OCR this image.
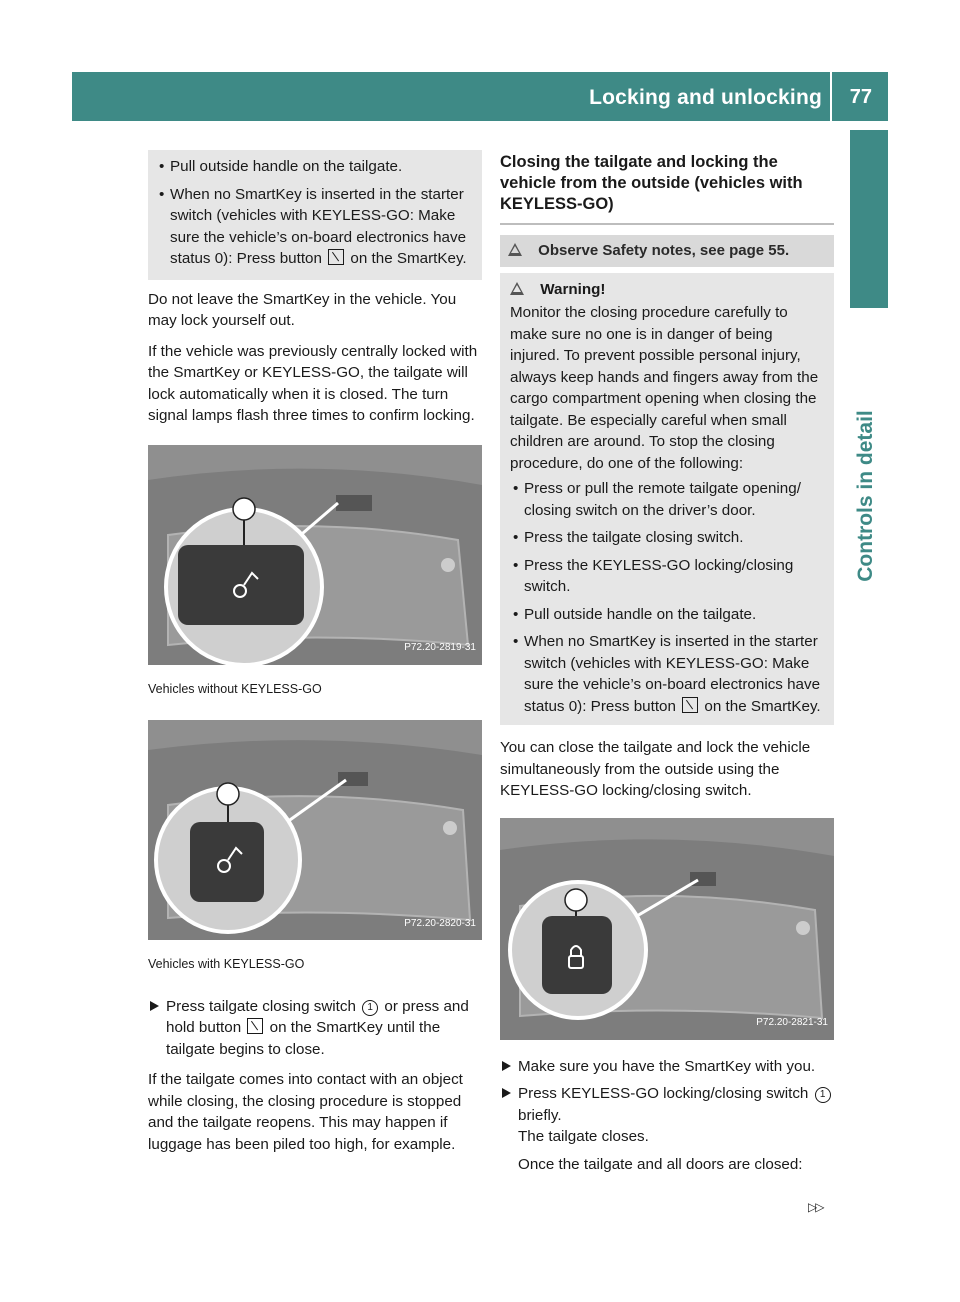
Locking and unlocking 77
Controls in detail
• Pull outside handle on the tailgate.
• When no SmartKey is inserted in the starter switch (vehicles with KEYLESS-GO: Make sure the vehicle’s on-board electronics have status 0): Press button on the SmartKey.

Do not leave the SmartKey in the vehicle. You may lock yourself out.

If the vehicle was previously centrally locked with the SmartKey or KEYLESS-GO, the tailgate will lock automatically when it is closed. The turn signal lamps flash three times to confirm locking.

P72.20-2819-31
Vehicles without KEYLESS-GO
P72.20-2820-31
Vehicles with KEYLESS-GO
Press tailgate closing switch 1 or press and hold button on the SmartKey until the tailgate begins to close.

If the tailgate comes into contact with an object while closing, the closing procedure is stopped and the tailgate reopens. This may happen if luggage has been piled too high, for example.

Closing the tailgate and locking the vehicle from the outside (vehicles with KEYLESS-GO)
Observe Safety notes, see page 55.
Warning!
Monitor the closing procedure carefully to make sure no one is in danger of being injured. To prevent possible personal injury, always keep hands and fingers away from the cargo compartment opening when closing the tailgate. Be especially careful when small children are around. To stop the closing procedure, do one of the following:
• Press or pull the remote tailgate opening/ closing switch on the driver’s door.
• Press the tailgate closing switch.
• Press the KEYLESS-GO locking/closing switch.
• Pull outside handle on the tailgate.
• When no SmartKey is inserted in the starter switch (vehicles with KEYLESS-GO: Make sure the vehicle’s on-board electronics have status 0): Press button on the SmartKey.

You can close the tailgate and lock the vehicle simultaneously from the outside using the KEYLESS-GO locking/closing switch.

P72.20-2821-31
Make sure you have the SmartKey with you.
Press KEYLESS-GO locking/closing switch 1 briefly.

The tailgate closes.

Once the tailgate and all doors are closed:

▷▷
